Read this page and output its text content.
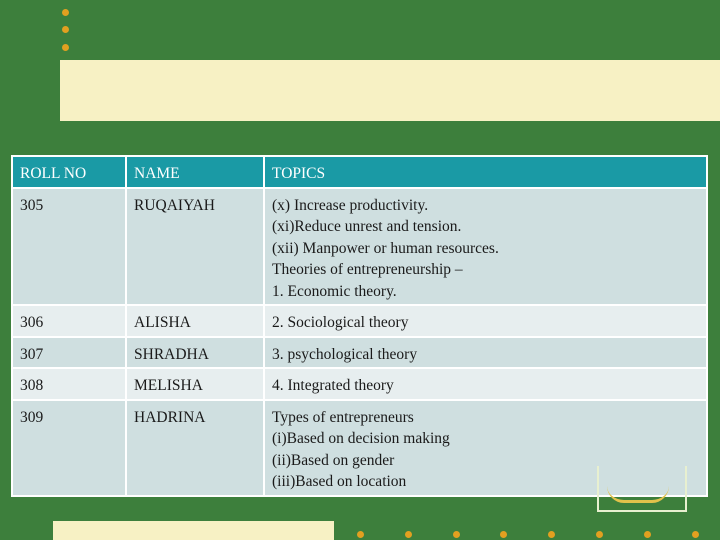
ROLL NO	NAME	TOPICS
305	RUQAIYAH	(x) Increase productivity.
(xi)Reduce unrest and tension.
(xii) Manpower or human resources.
Theories of entrepreneurship –
1. Economic theory.

306	ALISHA	2. Sociological theory

307	SHRADHA	3. psychological theory

308	MELISHA	4. Integrated theory

309	HADRINA	Types of entrepreneurs
(i)Based on decision making
(ii)Based on gender
(iii)Based on location
